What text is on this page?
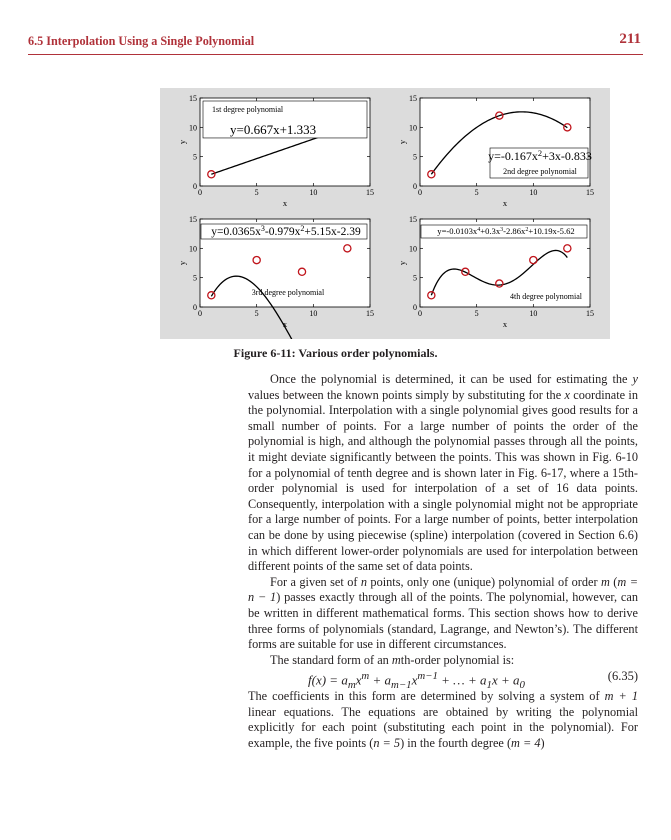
6.5 Interpolation Using a Single Polynomial	211
0	5	10	15
0
5
10
15
x
y
1st degree polynomial
y=0.667x+1.333
0	5	10	15
0
5
10
15
x
y
2nd degree polynomial
$y=-0.167x^2+3x-0.833$
0	5	10	15
0
5
10
15
x
y
3rd degree polynomial
$y=0.0365x^3-0.979x^2+5.15x-2.39$
0	5	10	15
0
5
10
15
x
y
4th degree polynomial
$y=-0.0103x^4+0.3x^3-2.86x^2+10.19x-5.62$
Figure 6-11: Various order polynomials.

Once the polynomial is determined, it can be used for estimating the y values between the known points simply by substituting for the x coordinate in the polynomial. Interpolation with a single polynomial gives good results for a small number of points. For a large number of points the order of the polynomial is high, and although the polynomial passes through all the points, it might deviate significantly between the points. This was shown in Fig. 6-10 for a polynomial of tenth degree and is shown later in Fig. 6-17, where a 15th-order polynomial is used for interpolation of a set of 16 data points. Consequently, interpolation with a single polynomial might not be appropriate for a large number of points. For a large number of points, better interpolation can be done by using piecewise (spline) interpolation (covered in Section 6.6) in which different lower-order polynomials are used for interpolation between different points of the same set of data points.

For a given set of n points, only one (unique) polynomial of order m (m = n − 1) passes exactly through all of the points. The polynomial, however, can be written in different mathematical forms. This section shows how to derive three forms of polynomials (standard, Lagrange, and Newton’s). The different forms are suitable for use in different circumstances.

The standard form of an mth-order polynomial is:

$f(x) = a_mx^m + a_{m-1}x^{m-1}$ + … + $a_1x + a_0$
(6.35)

The coefficients in this form are determined by solving a system of m + 1 linear equations. The equations are obtained by writing the polynomial explicitly for each point (substituting each point in the polynomial). For example, the five points (n = 5) in the fourth degree (m = 4)
